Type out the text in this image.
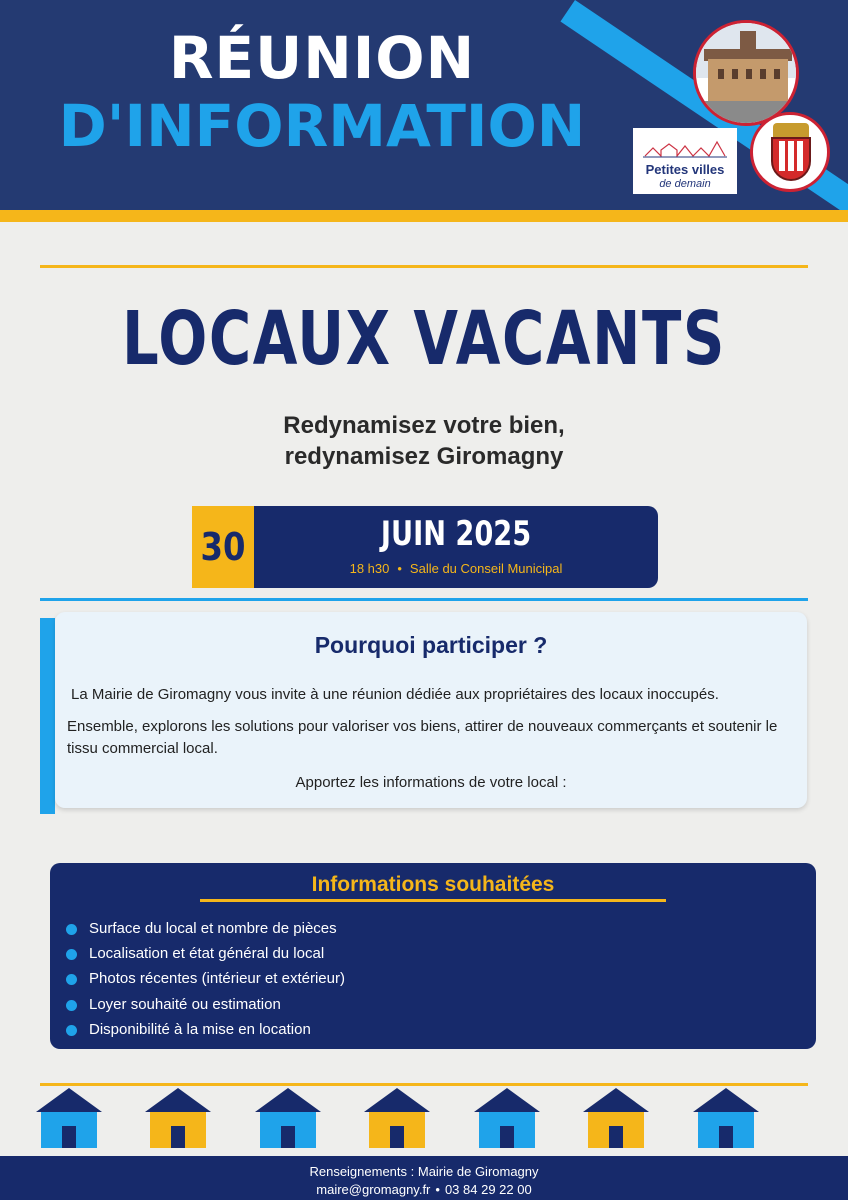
RÉUNION
D'INFORMATION
Petites villes
de demain
LOCAUX VACANTS
Redynamisez votre bien,
redynamisez Giromagny
30	JUIN 2025
18 h30 • Salle du Conseil Municipal
Pourquoi participer ?
La Mairie de Giromagny vous invite à une réunion dédiée aux propriétaires des locaux inoccupés.
Ensemble, explorons les solutions pour valoriser vos biens, attirer de nouveaux commerçants et soutenir le tissu commercial local.
Apportez les informations de votre local :
Informations souhaitées
Surface du local et nombre de pièces
Localisation et état général du local
Photos récentes (intérieur et extérieur)
Loyer souhaité ou estimation
Disponibilité à la mise en location
Renseignements : Mairie de Giromagny
maire@gromagny.fr • 03 84 29 22 00
